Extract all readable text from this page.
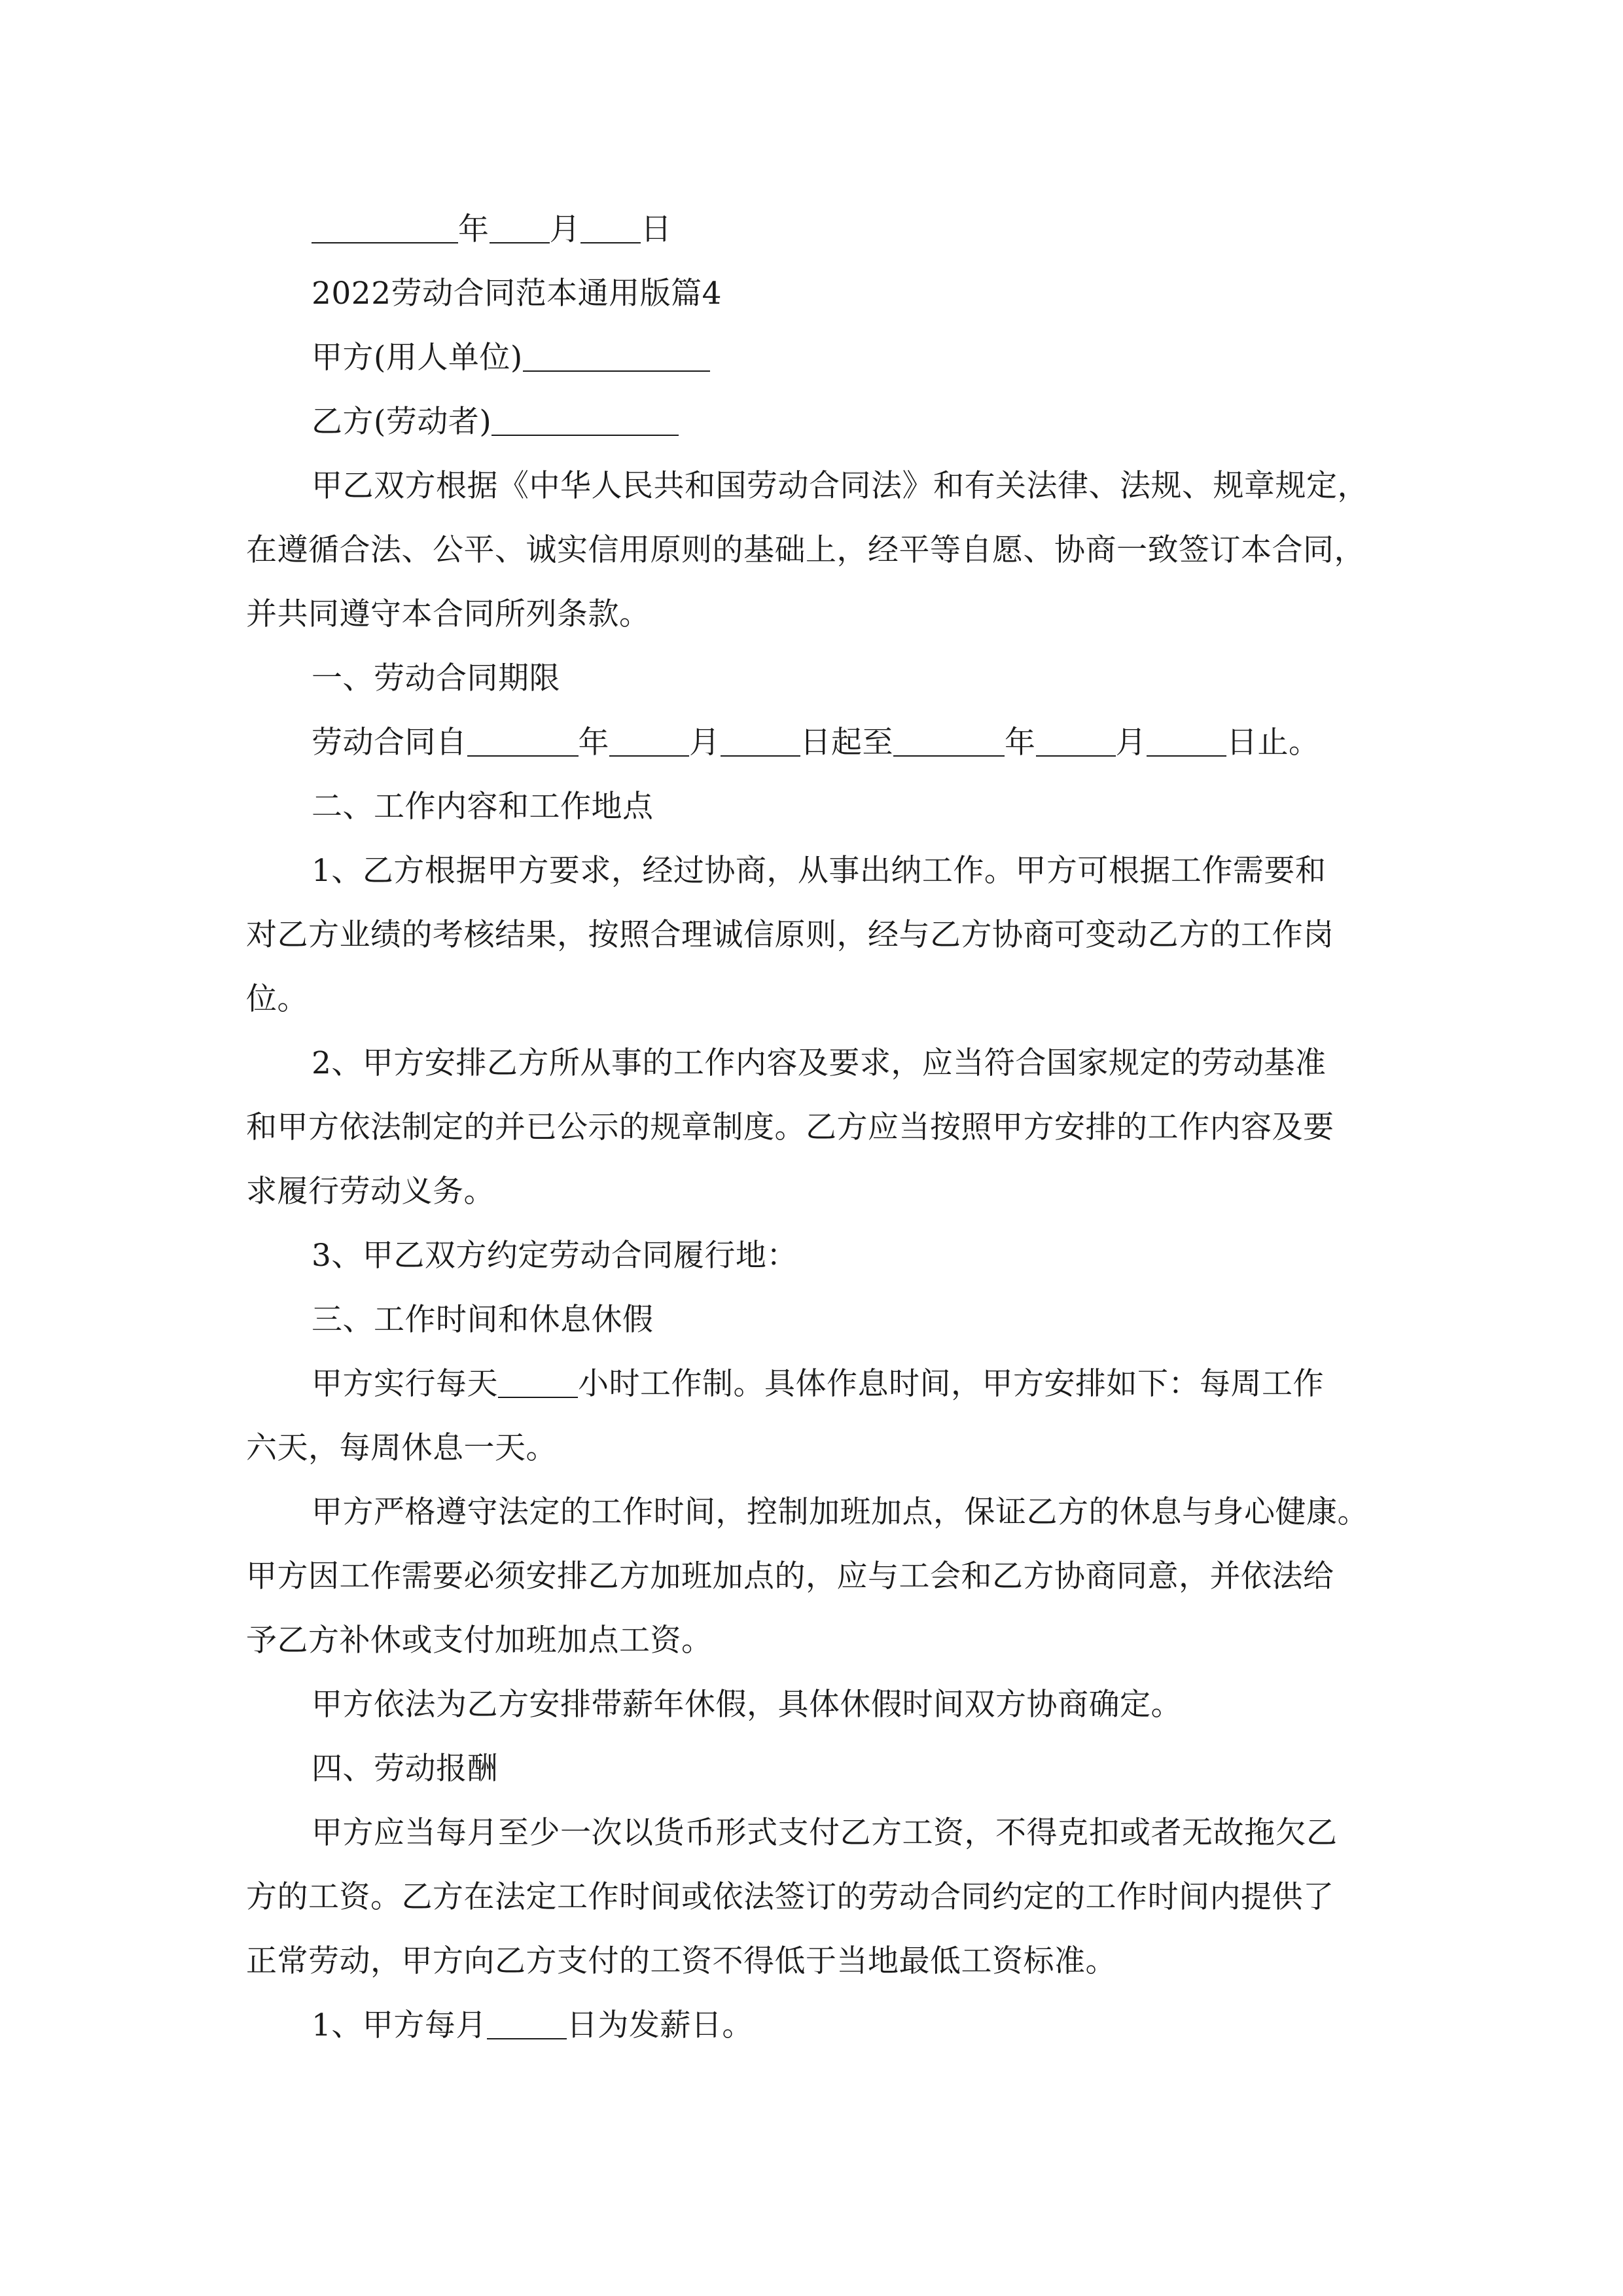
年 月 日
2022劳动合同范本通用版篇4
甲方(用人单位)
乙方(劳动者)
甲乙双方根据《中华人民共和国劳动合同法》和有关法律、法规、规章规定，
在遵循合法、公平、诚实信用原则的基础上，经平等自愿、协商一致签订本合同，
并共同遵守本合同所列条款。
一、劳动合同期限
劳动合同自	年	月	日起至	年	月	日止。
二、工作内容和工作地点
1、乙方根据甲方要求，经过协商，从事出纳工作。甲方可根据工作需要和
对乙方业绩的考核结果，按照合理诚信原则，经与乙方协商可变动乙方的工作岗
位。
2、甲方安排乙方所从事的工作内容及要求，应当符合国家规定的劳动基准
和甲方依法制定的并已公示的规章制度。乙方应当按照甲方安排的工作内容及要
求履行劳动义务。
3、甲乙双方约定劳动合同履行地：
三、工作时间和休息休假
甲方实行每天	小时工作制。具体作息时间，甲方安排如下：每周工作
六天，每周休息一天。
甲方严格遵守法定的工作时间，控制加班加点，保证乙方的休息与身心健康。
甲方因工作需要必须安排乙方加班加点的，应与工会和乙方协商同意，并依法给
予乙方补休或支付加班加点工资。
甲方依法为乙方安排带薪年休假，具体休假时间双方协商确定。
四、劳动报酬
甲方应当每月至少一次以货币形式支付乙方工资，不得克扣或者无故拖欠乙
方的工资。乙方在法定工作时间或依法签订的劳动合同约定的工作时间内提供了
正常劳动，甲方向乙方支付的工资不得低于当地最低工资标准。
1、甲方每月	日为发薪日。
